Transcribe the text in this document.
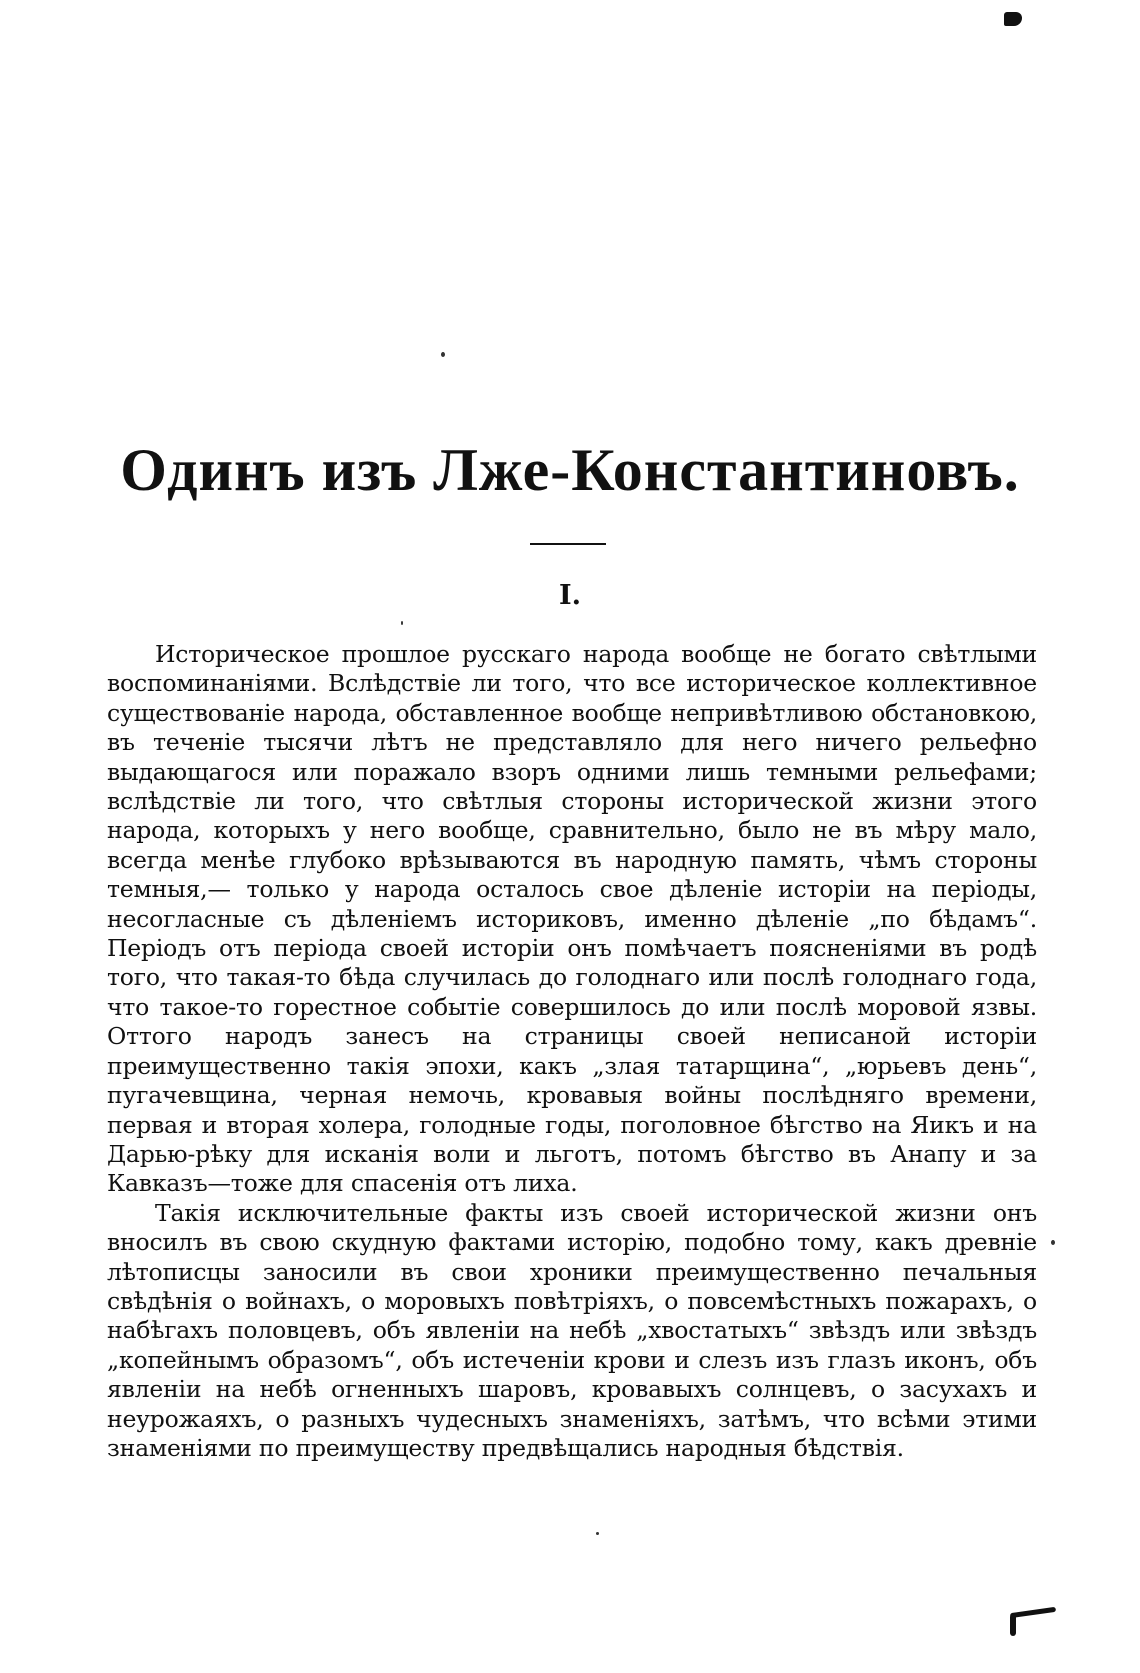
Одинъ изъ Лже-Константиновъ.
I.

Историческое прошлое русскаго народа вообще не богато свѣтлыми воспоминаніями. Вслѣдствіе ли того, что все историческое коллективное существованіе народа, обставленное вообще непривѣтливою обстановкою, въ теченіе тысячи лѣтъ не представляло для него ничего рельефно выдающагося или поражало взоръ одними лишь темными рельефами; вслѣдствіе ли того, что свѣтлыя стороны исторической жизни этого народа, которыхъ у него вообще, сравнительно, было не въ мѣру мало, всегда менѣе глубоко врѣзываются въ народную память, чѣмъ стороны темныя,— только у народа осталось свое дѣленіе исторіи на періоды, несогласные съ дѣленіемъ историковъ, именно дѣленіе „по бѣдамъ“. Періодъ отъ періода своей исторіи онъ помѣчаетъ поясненіями въ родѣ того, что такая-то бѣда случилась до голоднаго или послѣ голоднаго года, что такое-то горестное событіе совершилось до или послѣ моровой язвы. Оттого народъ занесъ на страницы своей неписаной исторіи преимущественно такія эпохи, какъ „злая татарщина“, „юрьевъ день“, пугачевщина, черная немочь, кровавыя войны послѣдняго времени, первая и вторая холера, голодные годы, поголовное бѣгство на Яикъ и на Дарью-рѣку для исканія воли и льготъ, потомъ бѣгство въ Анапу и за Кавказъ—тоже для спасенія отъ лиха.

Такія исключительные факты изъ своей исторической жизни онъ вносилъ въ свою скудную фактами исторію, подобно тому, какъ древніе лѣтописцы заносили въ свои хроники преимущественно печальныя свѣдѣнія о войнахъ, о моровыхъ повѣтріяхъ, о повсемѣстныхъ пожарахъ, о набѣгахъ половцевъ, объ явленіи на небѣ „хвостатыхъ“ звѣздъ или звѣздъ „копейнымъ образомъ“, объ истеченіи крови и слезъ изъ глазъ иконъ, объ явленіи на небѣ огненныхъ шаровъ, кровавыхъ солнцевъ, о засухахъ и неурожаяхъ, о разныхъ чудесныхъ знаменіяхъ, затѣмъ, что всѣми этими знаменіями по преимуществу предвѣщались народныя бѣдствія.
